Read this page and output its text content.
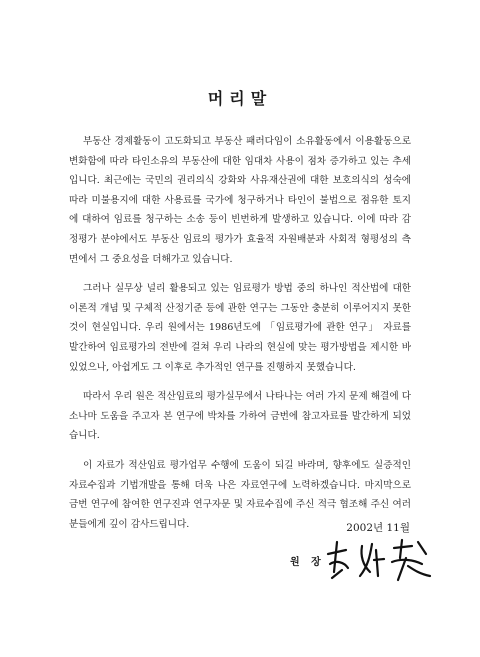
머리말

부동산 경제활동이 고도화되고 부동산 패러다임이 소유활동에서 이용활동으로 변화함에 따라 타인소유의 부동산에 대한 임대차 사용이 점차 증가하고 있는 추세입니다. 최근에는 국민의 권리의식 강화와 사유재산권에 대한 보호의식의 성숙에 따라 미불용지에 대한 사용료를 국가에 청구하거나 타인이 불법으로 점유한 토지에 대하여 임료를 청구하는 소송 등이 빈번하게 발생하고 있습니다. 이에 따라 감정평가 분야에서도 부동산 임료의 평가가 효율적 자원배분과 사회적 형평성의 측면에서 그 중요성을 더해가고 있습니다.

그러나 실무상 널리 활용되고 있는 임료평가 방법 중의 하나인 적산법에 대한 이론적 개념 및 구체적 산정기준 등에 관한 연구는 그동안 충분히 이루어지지 못한 것이 현실입니다. 우리 원에서는 1986년도에 「임료평가에 관한 연구」 자료를 발간하여 임료평가의 전반에 걸쳐 우리 나라의 현실에 맞는 평가방법을 제시한 바 있었으나, 아쉽게도 그 이후로 추가적인 연구를 진행하지 못했습니다.

따라서 우리 원은 적산임료의 평가실무에서 나타나는 여러 가지 문제 해결에 다소나마 도움을 주고자 본 연구에 박차를 가하여 금번에 참고자료를 발간하게 되었습니다.

이 자료가 적산임료 평가업무 수행에 도움이 되길 바라며, 향후에도 실증적인 자료수집과 기법개발을 통해 더욱 나은 자료연구에 노력하겠습니다. 마지막으로 금번 연구에 참여한 연구진과 연구자문 및 자료수집에 주신 적극 협조해 주신 여러분들에게 깊이 감사드립니다.	2002년 11월
원 장
